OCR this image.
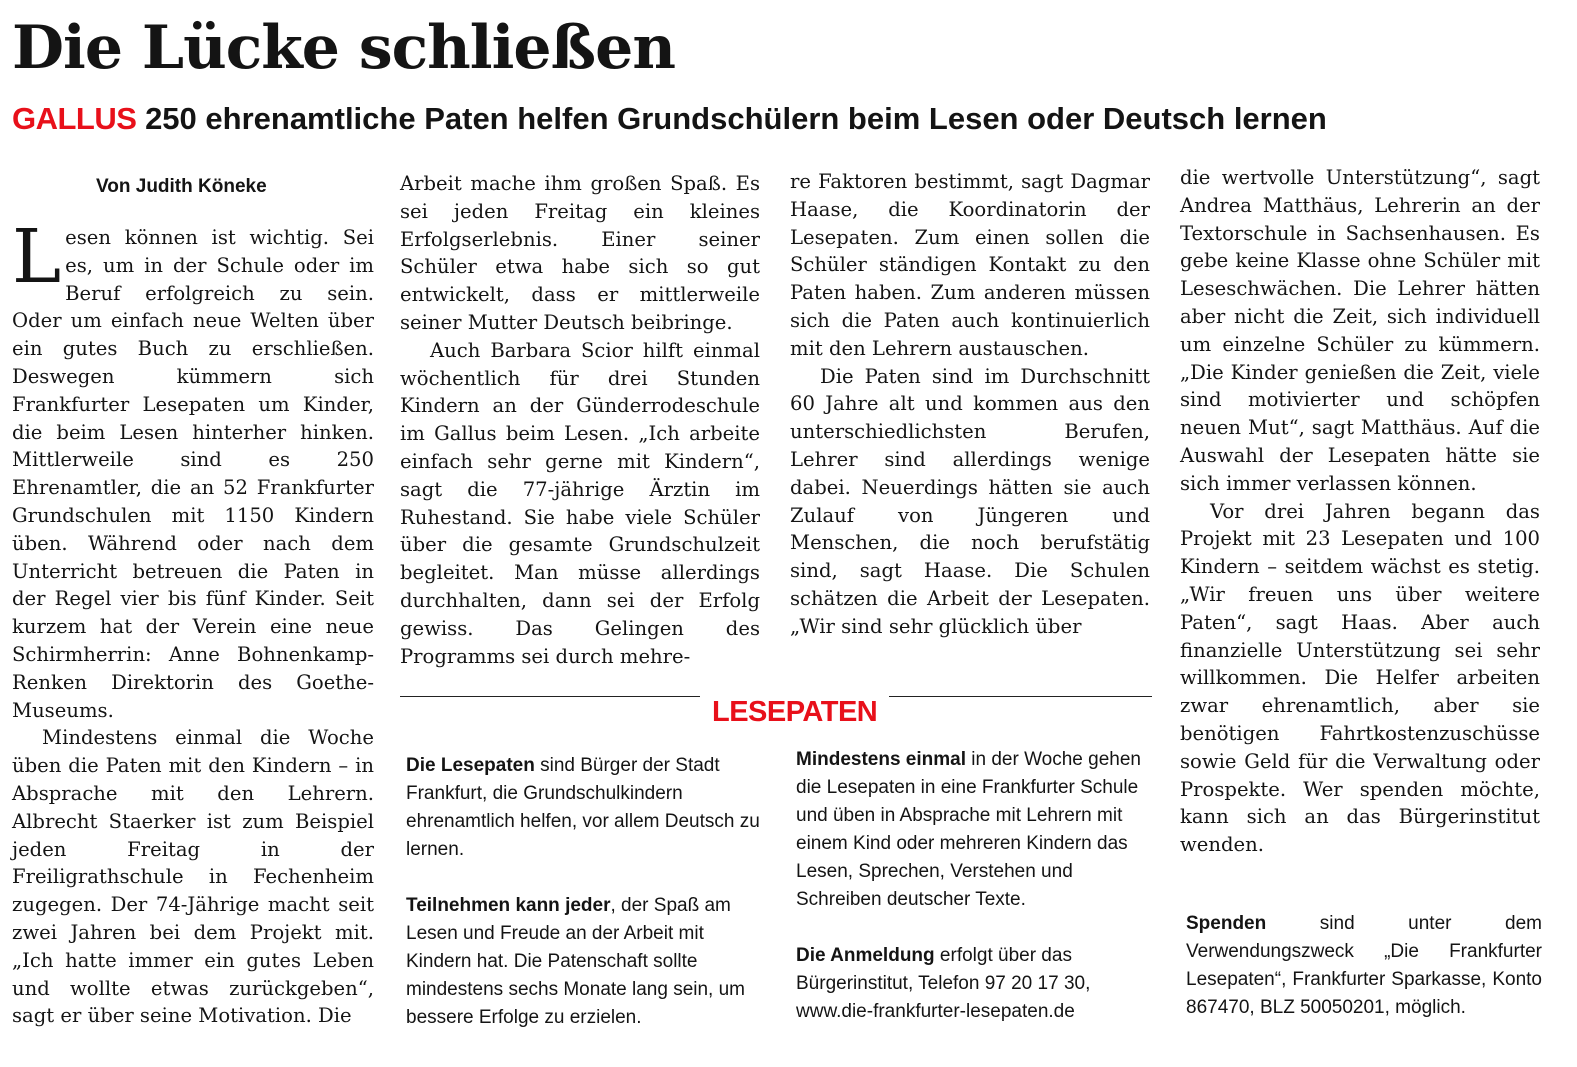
Die Lücke schließen
GALLUS 250 ehrenamtliche Paten helfen Grundschülern beim Lesen oder Deutsch lernen
Von Judith Köneke

Lesen können ist wichtig. Sei es, um in der Schule oder im Beruf erfolgreich zu sein. Oder um einfach neue Welten über ein gutes Buch zu erschließen. Deswegen kümmern sich Frankfurter Lesepaten um Kinder, die beim Lesen hinterher hinken. Mittlerweile sind es 250 Ehrenamtler, die an 52 Frankfurter Grundschulen mit 1150 Kindern üben. Während oder nach dem Unterricht betreuen die Paten in der Regel vier bis fünf Kinder. Seit kurzem hat der Verein eine neue Schirmherrin: Anne Bohnenkamp-Renken Direktorin des Goethe-Museums.

Mindestens einmal die Woche üben die Paten mit den Kindern – in Absprache mit den Lehrern. Albrecht Staerker ist zum Beispiel jeden Freitag in der Freiligrathschule in Fechenheim zugegen. Der 74-Jährige macht seit zwei Jahren bei dem Projekt mit. „Ich hatte immer ein gutes Leben und wollte etwas zurückgeben“, sagt er über seine Motivation. Die

Arbeit mache ihm großen Spaß. Es sei jeden Freitag ein kleines Erfolgserlebnis. Einer seiner Schüler etwa habe sich so gut entwickelt, dass er mittlerweile seiner Mutter Deutsch beibringe.

Auch Barbara Scior hilft einmal wöchentlich für drei Stunden Kindern an der Günderrodeschule im Gallus beim Lesen. „Ich arbeite einfach sehr gerne mit Kindern“, sagt die 77-jährige Ärztin im Ruhestand. Sie habe viele Schüler über die gesamte Grundschulzeit begleitet. Man müsse allerdings durchhalten, dann sei der Erfolg gewiss. Das Gelingen des Programms sei durch mehre-

re Faktoren bestimmt, sagt Dagmar Haase, die Koordinatorin der Lesepaten. Zum einen sollen die Schüler ständigen Kontakt zu den Paten haben. Zum anderen müssen sich die Paten auch kontinuierlich mit den Lehrern austauschen.

Die Paten sind im Durchschnitt 60 Jahre alt und kommen aus den unterschiedlichsten Berufen, Lehrer sind allerdings wenige dabei. Neuerdings hätten sie auch Zulauf von Jüngeren und Menschen, die noch berufstätig sind, sagt Haase. Die Schulen schätzen die Arbeit der Lesepaten. „Wir sind sehr glücklich über

die wertvolle Unterstützung“, sagt Andrea Matthäus, Lehrerin an der Textorschule in Sachsenhausen. Es gebe keine Klasse ohne Schüler mit Leseschwächen. Die Lehrer hätten aber nicht die Zeit, sich individuell um einzelne Schüler zu kümmern. „Die Kinder genießen die Zeit, viele sind motivierter und schöpfen neuen Mut“, sagt Matthäus. Auf die Auswahl der Lesepaten hätte sie sich immer verlassen können.

Vor drei Jahren begann das Projekt mit 23 Lesepaten und 100 Kindern – seitdem wächst es stetig. „Wir freuen uns über weitere Paten“, sagt Haas. Aber auch finanzielle Unterstützung sei sehr willkommen. Die Helfer arbeiten zwar ehrenamtlich, aber sie benötigen Fahrtkostenzuschüsse sowie Geld für die Verwaltung oder Prospekte. Wer spenden möchte, kann sich an das Bürgerinstitut wenden.

Spenden sind unter dem Verwendungszweck „Die Frankfurter Lesepaten“, Frankfurter Sparkasse, Konto 867470, BLZ 50050201, möglich.
LESEPATEN

Die Lesepaten sind Bürger der Stadt Frankfurt, die Grundschulkindern ehrenamtlich helfen, vor allem Deutsch zu lernen.

Teilnehmen kann jeder, der Spaß am Lesen und Freude an der Arbeit mit Kindern hat. Die Patenschaft sollte mindestens sechs Monate lang sein, um bessere Erfolge zu erzielen.

Mindestens einmal in der Woche gehen die Lesepaten in eine Frankfurter Schule und üben in Absprache mit Lehrern mit einem Kind oder mehreren Kindern das Lesen, Sprechen, Verstehen und Schreiben deutscher Texte.

Die Anmeldung erfolgt über das Bürgerinstitut, Telefon 97 20 17 30, www.die-frankfurter-lesepaten.de
